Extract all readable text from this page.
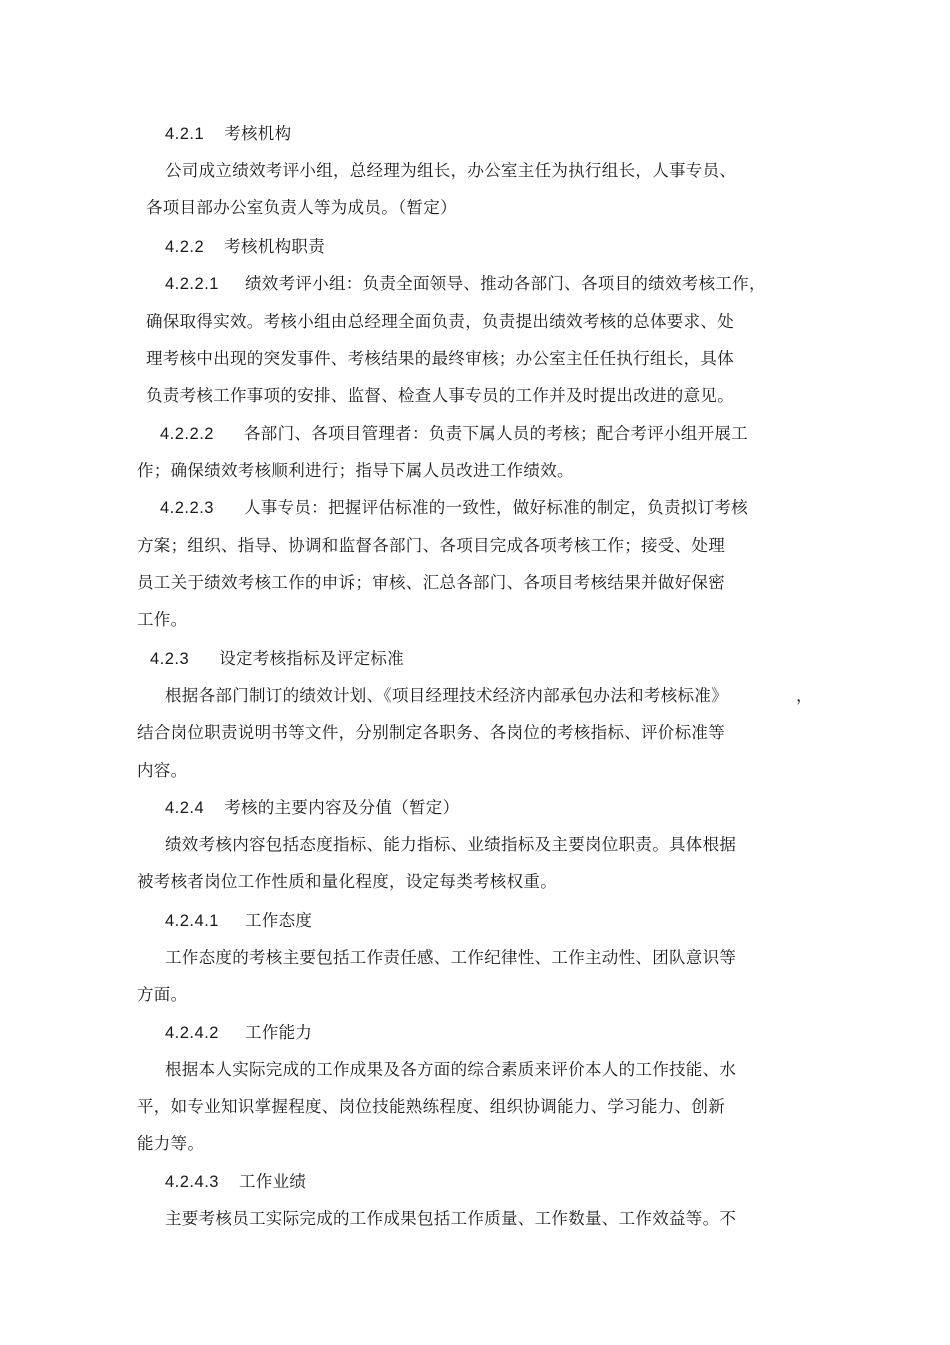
4.2.1 考核机构
公司成立绩效考评小组，总经理为组长，办公室主任为执行组长，人事专员、
各项目部办公室负责人等为成员。（暂定）
4.2.2 考核机构职责
4.2.2.1 绩效考评小组：负责全面领导、推动各部门、各项目的绩效考核工作，
确保取得实效。考核小组由总经理全面负责，负责提出绩效考核的总体要求、处
理考核中出现的突发事件、考核结果的最终审核；办公室主任任执行组长，具体
负责考核工作事项的安排、监督、检查人事专员的工作并及时提出改进的意见。
4.2.2.2 各部门、各项目管理者：负责下属人员的考核；配合考评小组开展工
作；确保绩效考核顺利进行；指导下属人员改进工作绩效。
4.2.2.3 人事专员：把握评估标准的一致性，做好标准的制定，负责拟订考核
方案；组织、指导、协调和监督各部门、各项目完成各项考核工作；接受、处理
员工关于绩效考核工作的申诉；审核、汇总各部门、各项目考核结果并做好保密
工作。
4.2.3 设定考核指标及评定标准
根据各部门制订的绩效计划、《项目经理技术经济内部承包办法和考核标准》	，
结合岗位职责说明书等文件，分别制定各职务、各岗位的考核指标、评价标准等
内容。
4.2.4 考核的主要内容及分值（暂定）
绩效考核内容包括态度指标、能力指标、业绩指标及主要岗位职责。具体根据
被考核者岗位工作性质和量化程度，设定每类考核权重。
4.2.4.1 工作态度
工作态度的考核主要包括工作责任感、工作纪律性、工作主动性、团队意识等
方面。
4.2.4.2 工作能力
根据本人实际完成的工作成果及各方面的综合素质来评价本人的工作技能、水
平，如专业知识掌握程度、岗位技能熟练程度、组织协调能力、学习能力、创新
能力等。
4.2.4.3 工作业绩
主要考核员工实际完成的工作成果包括工作质量、工作数量、工作效益等。不
